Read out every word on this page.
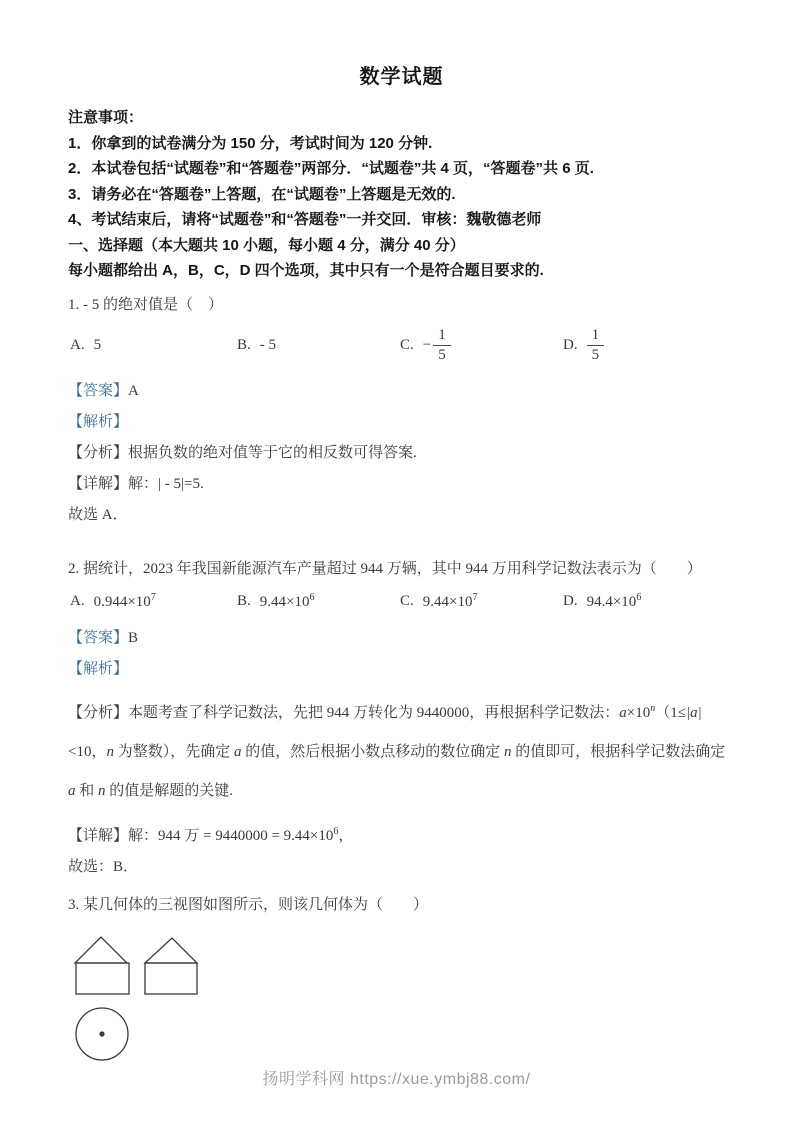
数学试题
注意事项：
1．你拿到的试卷满分为 150 分，考试时间为 120 分钟.
2．本试卷包括“试题卷”和“答题卷”两部分．“试题卷”共 4 页，“答题卷”共 6 页.
3．请务必在“答题卷”上答题，在“试题卷”上答题是无效的.
4、考试结束后，请将“试题卷”和“答题卷”一并交回．审核：魏敬德老师
一、选择题（本大题共 10 小题，每小题 4 分，满分 40 分）
每小题都给出 A，B，C，D 四个选项，其中只有一个是符合题目要求的.
1. - 5 的绝对值是（　）
A. 5	B. - 5	C. − $\frac{1}{5}$	D. $\frac{1}{5}$
【答案】A
【解析】
【分析】根据负数的绝对值等于它的相反数可得答案.
【详解】解：| - 5|=5.
故选 A．
2. 据统计，2023 年我国新能源汽车产量超过 944 万辆，其中 944 万用科学记数法表示为（　　）
A. $0.944\times 10^7$	B. $9.44\times 10^6$	C. $9.44\times 10^7$	D. $94.4\times 10^6$
【答案】B
【解析】
【分析】本题考查了科学记数法，先把 944 万转化为 9440000，再根据科学记数法：$a\times 10^n(1\le|a|<10$，n 为整数），先确定 a 的值，然后根据小数点移动的数位确定 n 的值即可，根据科学记数法确定 a 和 n 的值是解题的关键.
【详解】解：944 万 = $9440000 = 9.44\times 10^6$，
故选：B．
3. 某几何体的三视图如图所示，则该几何体为（　　）
扬明学科网 https://xue.ymbj88.com/
